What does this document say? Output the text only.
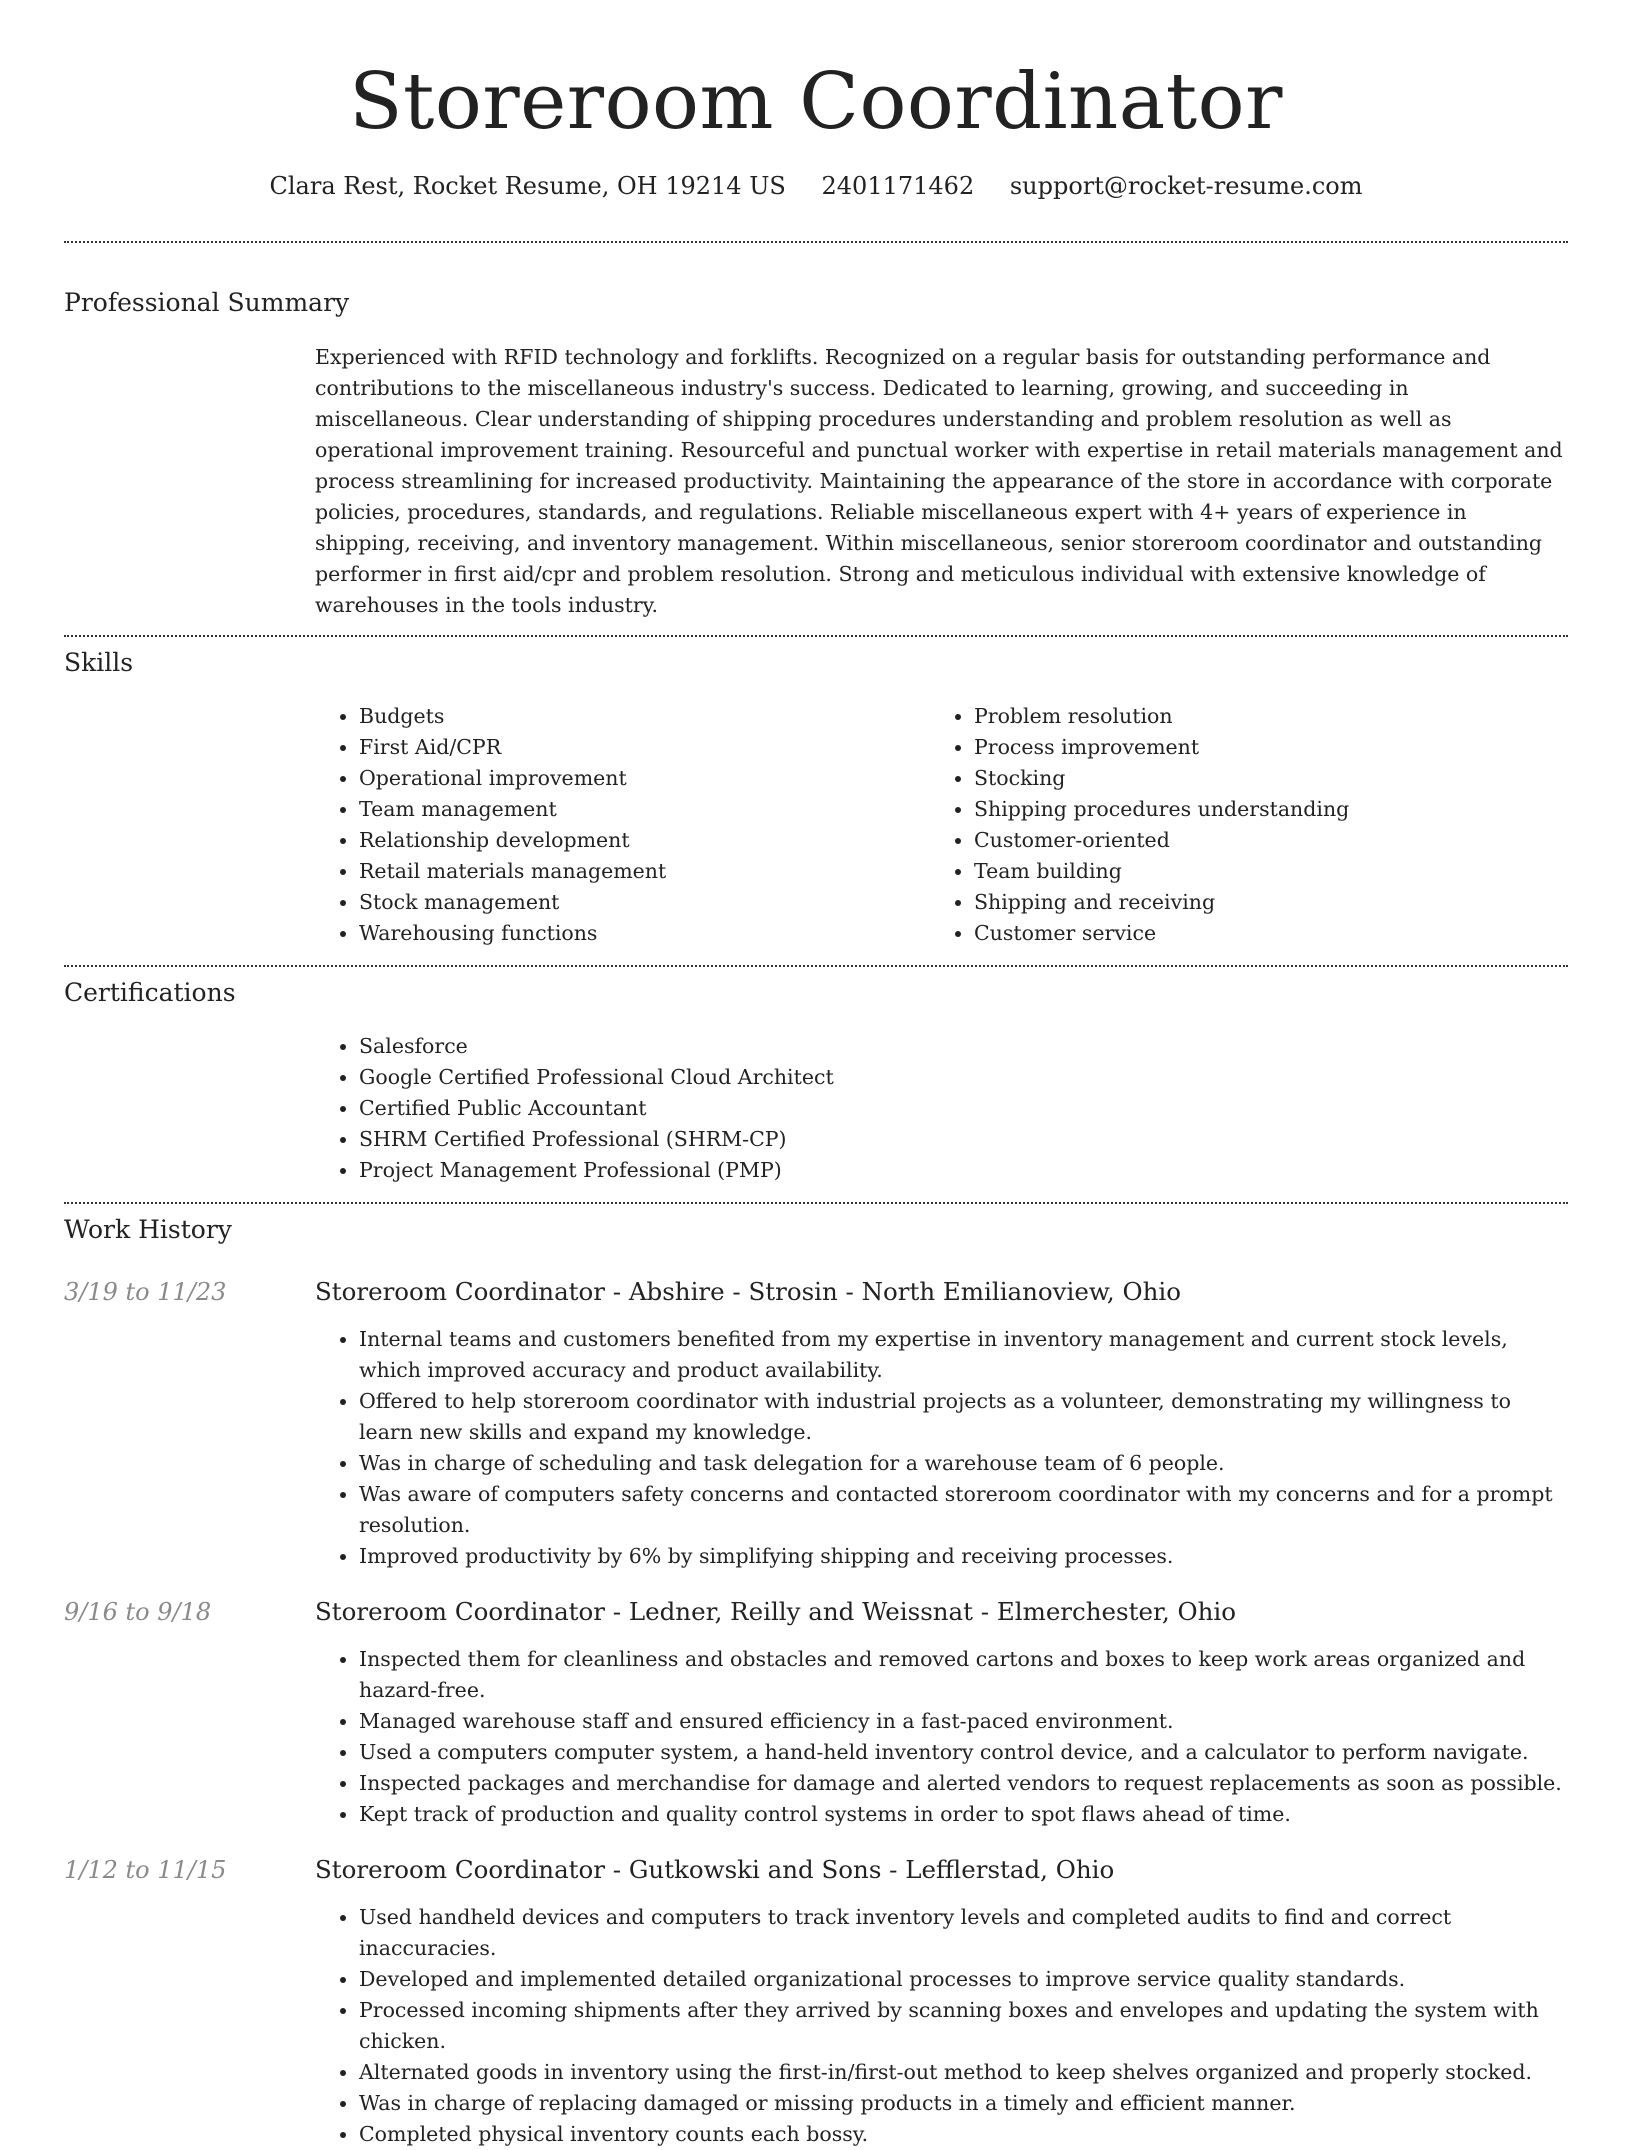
Storeroom Coordinator
Clara Rest, Rocket Resume, OH 19214 US 2401171462 support@rocket-resume.com
Professional Summary
Experienced with RFID technology and forklifts. Recognized on a regular basis for outstanding performance and contributions to the miscellaneous industry's success. Dedicated to learning, growing, and succeeding in miscellaneous. Clear understanding of shipping procedures understanding and problem resolution as well as operational improvement training. Resourceful and punctual worker with expertise in retail materials management and process streamlining for increased productivity. Maintaining the appearance of the store in accordance with corporate policies, procedures, standards, and regulations. Reliable miscellaneous expert with 4+ years of experience in shipping, receiving, and inventory management. Within miscellaneous, senior storeroom coordinator and outstanding performer in first aid/cpr and problem resolution. Strong and meticulous individual with extensive knowledge of warehouses in the tools industry.
Skills
• Budgets
• First Aid/CPR
• Operational improvement
• Team management
• Relationship development
• Retail materials management
• Stock management
• Warehousing functions
• Problem resolution
• Process improvement
• Stocking
• Shipping procedures understanding
• Customer-oriented
• Team building
• Shipping and receiving
• Customer service
Certifications
• Salesforce
• Google Certified Professional Cloud Architect
• Certified Public Accountant
• SHRM Certified Professional (SHRM-CP)
• Project Management Professional (PMP)
Work History
3/19 to 11/23	Storeroom Coordinator - Abshire - Strosin - North Emilianoview, Ohio
• Internal teams and customers benefited from my expertise in inventory management and current stock levels, which improved accuracy and product availability.
• Offered to help storeroom coordinator with industrial projects as a volunteer, demonstrating my willingness to learn new skills and expand my knowledge.
• Was in charge of scheduling and task delegation for a warehouse team of 6 people.
• Was aware of computers safety concerns and contacted storeroom coordinator with my concerns and for a prompt resolution.
• Improved productivity by 6% by simplifying shipping and receiving processes.
9/16 to 9/18	Storeroom Coordinator - Ledner, Reilly and Weissnat - Elmerchester, Ohio
• Inspected them for cleanliness and obstacles and removed cartons and boxes to keep work areas organized and hazard-free.
• Managed warehouse staff and ensured efficiency in a fast-paced environment.
• Used a computers computer system, a hand-held inventory control device, and a calculator to perform navigate.
• Inspected packages and merchandise for damage and alerted vendors to request replacements as soon as possible.
• Kept track of production and quality control systems in order to spot flaws ahead of time.
1/12 to 11/15	Storeroom Coordinator - Gutkowski and Sons - Lefflerstad, Ohio
• Used handheld devices and computers to track inventory levels and completed audits to find and correct inaccuracies.
• Developed and implemented detailed organizational processes to improve service quality standards.
• Processed incoming shipments after they arrived by scanning boxes and envelopes and updating the system with chicken.
• Alternated goods in inventory using the first-in/first-out method to keep shelves organized and properly stocked.
• Was in charge of replacing damaged or missing products in a timely and efficient manner.
• Completed physical inventory counts each bossy.
